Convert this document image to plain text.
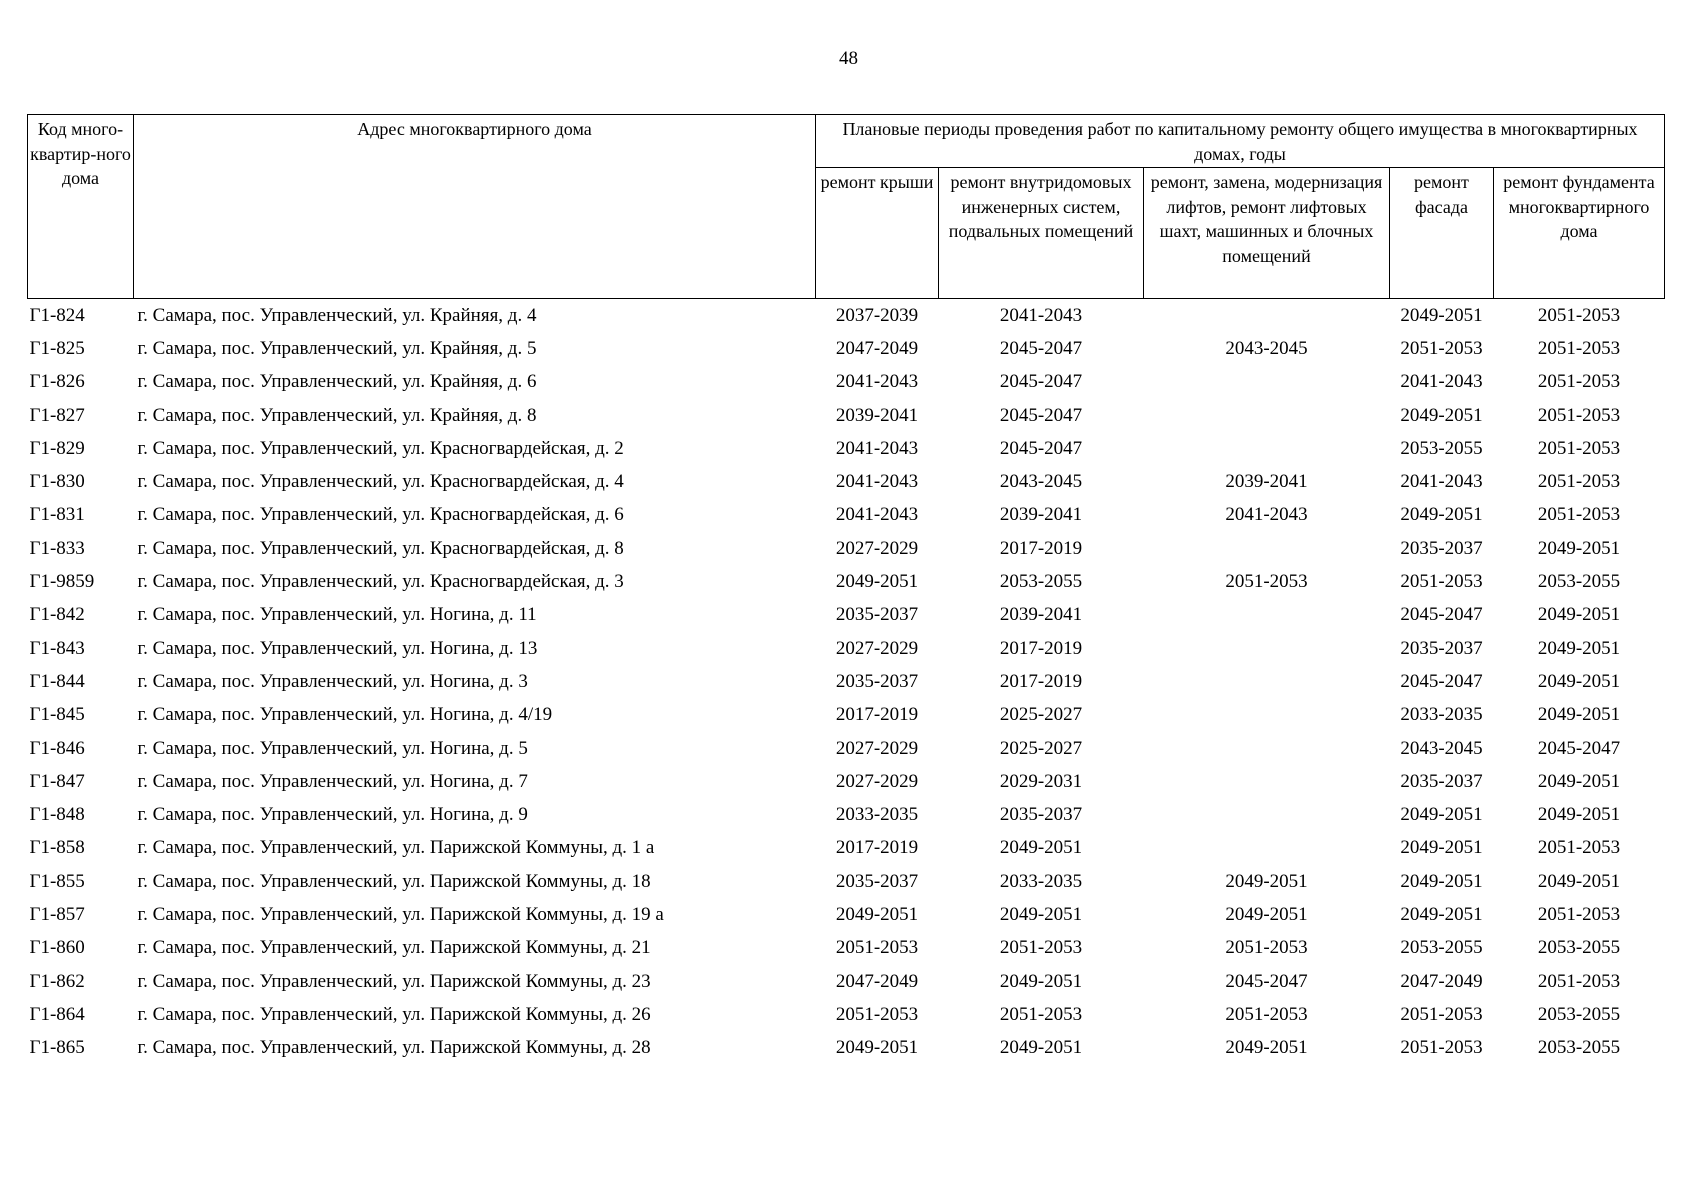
48
Код много-квартир-ного дома	Адрес многоквартирного дома	Плановые периоды проведения работ по капитальному ремонту общего имущества в многоквартирных домах, годы				
		ремонт крыши	ремонт внутридомовых инженерных систем, подвальных помещений	ремонт, замена, модернизация лифтов, ремонт лифтовых шахт, машинных и блочных помещений	ремонт фасада	ремонт фундамента многоквартирного дома
Г1-824	г. Самара, пос. Управленческий, ул. Крайняя, д. 4	2037-2039	2041-2043		2049-2051	2051-2053
Г1-825	г. Самара, пос. Управленческий, ул. Крайняя, д. 5	2047-2049	2045-2047	2043-2045	2051-2053	2051-2053
Г1-826	г. Самара, пос. Управленческий, ул. Крайняя, д. 6	2041-2043	2045-2047		2041-2043	2051-2053
Г1-827	г. Самара, пос. Управленческий, ул. Крайняя, д. 8	2039-2041	2045-2047		2049-2051	2051-2053
Г1-829	г. Самара, пос. Управленческий, ул. Красногвардейская, д. 2	2041-2043	2045-2047		2053-2055	2051-2053
Г1-830	г. Самара, пос. Управленческий, ул. Красногвардейская, д. 4	2041-2043	2043-2045	2039-2041	2041-2043	2051-2053
Г1-831	г. Самара, пос. Управленческий, ул. Красногвардейская, д. 6	2041-2043	2039-2041	2041-2043	2049-2051	2051-2053
Г1-833	г. Самара, пос. Управленческий, ул. Красногвардейская, д. 8	2027-2029	2017-2019		2035-2037	2049-2051
Г1-9859	г. Самара, пос. Управленческий, ул. Красногвардейская, д. 3	2049-2051	2053-2055	2051-2053	2051-2053	2053-2055
Г1-842	г. Самара, пос. Управленческий, ул. Ногина, д. 11	2035-2037	2039-2041		2045-2047	2049-2051
Г1-843	г. Самара, пос. Управленческий, ул. Ногина, д. 13	2027-2029	2017-2019		2035-2037	2049-2051
Г1-844	г. Самара, пос. Управленческий, ул. Ногина, д. 3	2035-2037	2017-2019		2045-2047	2049-2051
Г1-845	г. Самара, пос. Управленческий, ул. Ногина, д. 4/19	2017-2019	2025-2027		2033-2035	2049-2051
Г1-846	г. Самара, пос. Управленческий, ул. Ногина, д. 5	2027-2029	2025-2027		2043-2045	2045-2047
Г1-847	г. Самара, пос. Управленческий, ул. Ногина, д. 7	2027-2029	2029-2031		2035-2037	2049-2051
Г1-848	г. Самара, пос. Управленческий, ул. Ногина, д. 9	2033-2035	2035-2037		2049-2051	2049-2051
Г1-858	г. Самара, пос. Управленческий, ул. Парижской Коммуны, д. 1 а	2017-2019	2049-2051		2049-2051	2051-2053
Г1-855	г. Самара, пос. Управленческий, ул. Парижской Коммуны, д. 18	2035-2037	2033-2035	2049-2051	2049-2051	2049-2051
Г1-857	г. Самара, пос. Управленческий, ул. Парижской Коммуны, д. 19 а	2049-2051	2049-2051	2049-2051	2049-2051	2051-2053
Г1-860	г. Самара, пос. Управленческий, ул. Парижской Коммуны, д. 21	2051-2053	2051-2053	2051-2053	2053-2055	2053-2055
Г1-862	г. Самара, пос. Управленческий, ул. Парижской Коммуны, д. 23	2047-2049	2049-2051	2045-2047	2047-2049	2051-2053
Г1-864	г. Самара, пос. Управленческий, ул. Парижской Коммуны, д. 26	2051-2053	2051-2053	2051-2053	2051-2053	2053-2055
Г1-865	г. Самара, пос. Управленческий, ул. Парижской Коммуны, д. 28	2049-2051	2049-2051	2049-2051	2051-2053	2053-2055
